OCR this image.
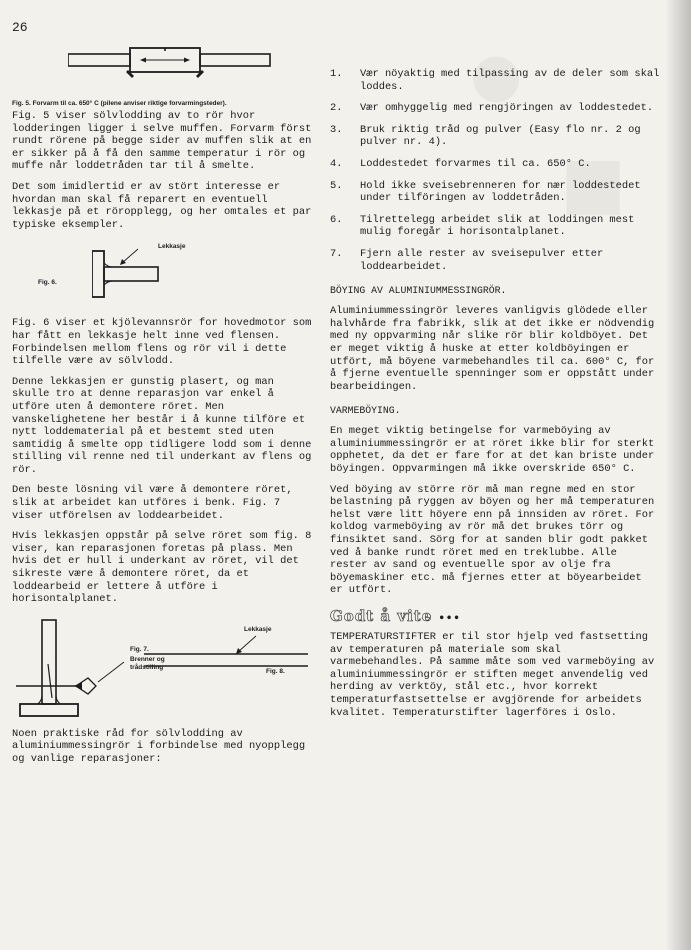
26
Fig. 5. Forvarm til ca. 650° C (pilene anviser riktige forvarmingsteder).

Fig. 5 viser sölvlodding av to rör hvor lodderingen ligger i selve muffen. Forvarm först rundt rörene på begge sider av muffen slik at en er sikker på å få den samme temperatur i rör og muffe når loddetråden tar til å smelte.

Det som imidlertid er av stört interesse er hvordan man skal få reparert en eventuell lekkasje på et röropplegg, og her omtales et par typiske eksempler.

Lekkasje
Fig. 6.

Fig. 6 viser et kjölevannsrör for hovedmotor som har fått en lekkasje helt inne ved flensen. Forbindelsen mellom flens og rör vil i dette tilfelle være av sölvlodd.

Denne lekkasjen er gunstig plasert, og man skulle tro at denne reparasjon var enkel å utföre uten å demontere röret. Men vanskelighetene her består i å kunne tilföre et nytt loddematerial på et bestemt sted uten samtidig å smelte opp tidligere lodd som i denne stilling vil renne ned til underkant av flens og rör.

Den beste lösning vil være å demontere röret, slik at arbeidet kan utföres i benk. Fig. 7 viser utförelsen av loddearbeidet.

Hvis lekkasjen oppstår på selve röret som fig. 8 viser, kan reparasjonen foretas på plass. Men hvis det er hull i underkant av röret, vil det sikreste være å demontere röret, da et loddearbeid er lettere å utföre i horisontalplanet.

Fig. 7.
Brenner og
trådstilling
Lekkasje
Fig. 8.

Noen praktiske råd for sölvlodding av aluminiummessingrör i forbindelse med nyopplegg og vanlige reparasjoner:

1. Vær nöyaktig med tilpassing av de deler som skal loddes.
2. Vær omhyggelig med rengjöringen av loddestedet.
3. Bruk riktig tråd og pulver (Easy flo nr. 2 og pulver nr. 4).
4. Loddestedet forvarmes til ca. 650° C.
5. Hold ikke sveisebrenneren for nær loddestedet under tilföringen av loddetråden.
6. Tilrettelegg arbeidet slik at loddingen mest mulig foregår i horisontalplanet.
7. Fjern alle rester av sveisepulver etter loddearbeidet.
BÖYING AV ALUMINIUMMESSINGRÖR.

Aluminiummessingrör leveres vanligvis glödede eller halvhårde fra fabrikk, slik at det ikke er nödvendig med ny oppvarming når slike rör blir koldböyet. Det er meget viktig å huske at etter koldböyingen er utfört, må böyene varmebehandles til ca. 600° C, for å fjerne eventuelle spenninger som er oppstått under bearbeidingen.

VARMEBÖYING.

En meget viktig betingelse for varmeböying av aluminiummessingrör er at röret ikke blir for sterkt opphetet, da det er fare for at det kan briste under böyingen. Oppvarmingen må ikke overskride 650° C.

Ved böying av större rör må man regne med en stor belastning på ryggen av böyen og her må temperaturen helst være litt höyere enn på innsiden av röret. For koldog varmeböying av rör må det brukes törr og finsiktet sand. Sörg for at sanden blir godt pakket ved å banke rundt röret med en treklubbe. Alle rester av sand og eventuelle spor av olje fra böyemaskiner etc. må fjernes etter at böyearbeidet er utfört.

Godt å vite •••

TEMPERATURSTIFTER er til stor hjelp ved fastsetting av temperaturen på materiale som skal varmebehandles. På samme måte som ved varmeböying av aluminiummessingrör er stiften meget anvendelig ved herding av verktöy, stål etc., hvor korrekt temperaturfastsettelse er avgjörende for arbeidets kvalitet. Temperaturstifter lagerföres i Oslo.
